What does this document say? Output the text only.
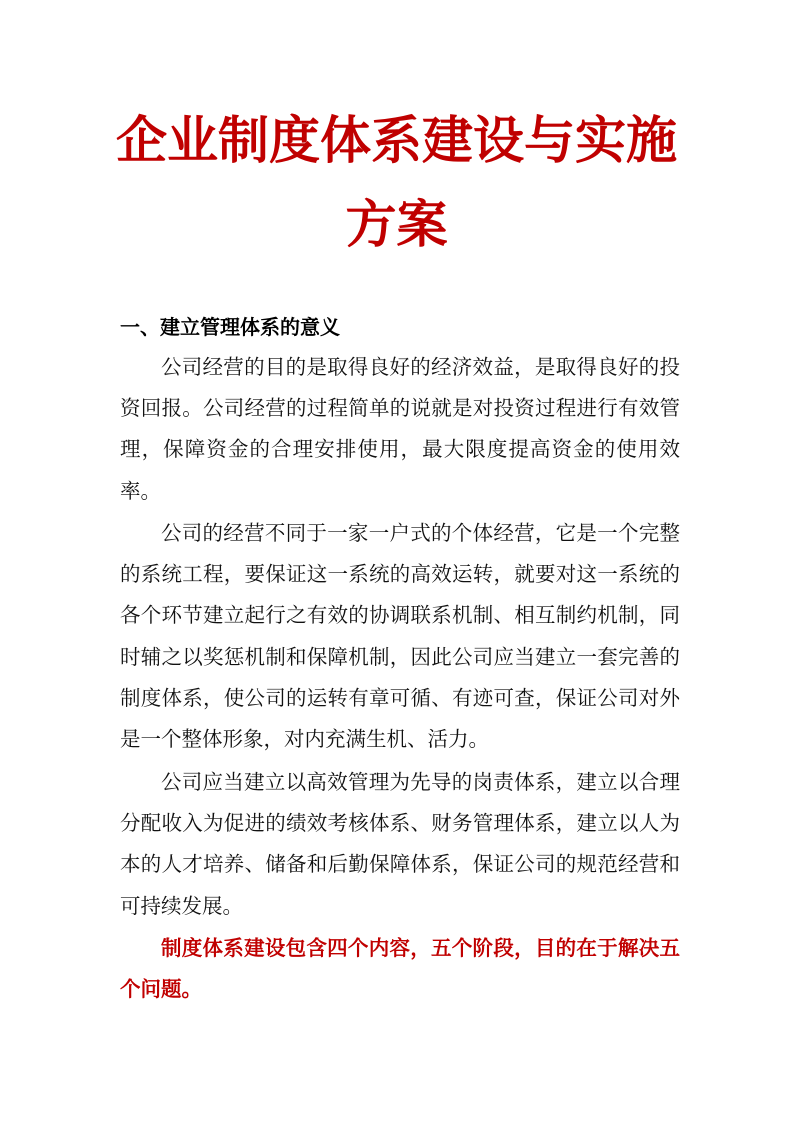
企业制度体系建设与实施
方案
一、建立管理体系的意义

公司经营的目的是取得良好的经济效益，是取得良好的投资回报。公司经营的过程简单的说就是对投资过程进行有效管理，保障资金的合理安排使用，最大限度提高资金的使用效率。

公司的经营不同于一家一户式的个体经营，它是一个完整的系统工程，要保证这一系统的高效运转，就要对这一系统的各个环节建立起行之有效的协调联系机制、相互制约机制，同时辅之以奖惩机制和保障机制，因此公司应当建立一套完善的制度体系，使公司的运转有章可循、有迹可查，保证公司对外是一个整体形象，对内充满生机、活力。

公司应当建立以高效管理为先导的岗责体系，建立以合理分配收入为促进的绩效考核体系、财务管理体系，建立以人为本的人才培养、储备和后勤保障体系，保证公司的规范经营和可持续发展。

制度体系建设包含四个内容，五个阶段，目的在于解决五个问题。
